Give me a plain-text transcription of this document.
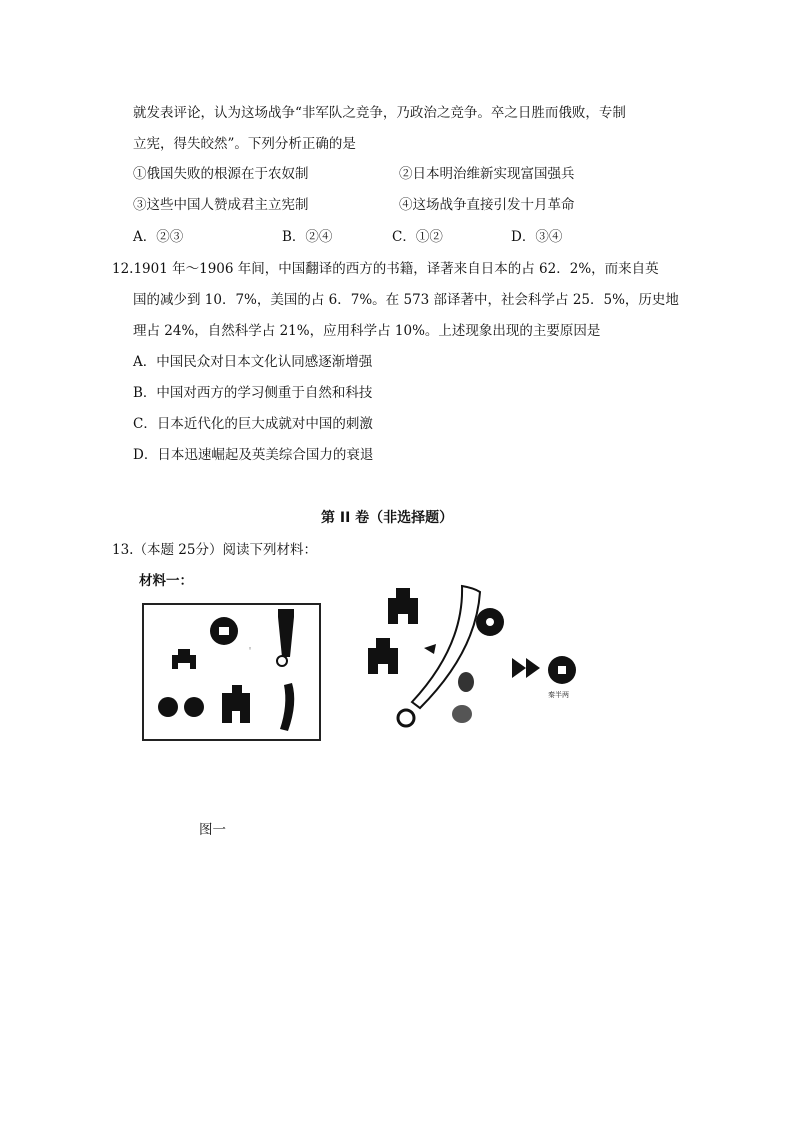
就发表评论，认为这场战争“非军队之竞争，乃政治之竞争。卒之日胜而俄败，专制
立宪，得失皎然”。下列分析正确的是
①俄国失败的根源在于农奴制	②日本明治维新实现富国强兵
③这些中国人赞成君主立宪制	④这场战争直接引发十月革命
A．②③	B．②④	C．①②	D．③④
12.1901 年～1906 年间，中国翻译的西方的书籍，译著来自日本的占 62．2%，而来自英
国的减少到 10．7%，美国的占 6．7%。在 573 部译著中，社会科学占 25．5%，历史地
理占 24%，自然科学占 21%，应用科学占 10%。上述现象出现的主要原因是
A．中国民众对日本文化认同感逐渐增强
B．中国对西方的学习侧重于自然和科技
C．日本近代化的巨大成就对中国的刺激
D．日本迅速崛起及英美综合国力的衰退
第 II 卷（非选择题）
13.（本题 25分）阅读下列材料：
材料一：
◦
秦半两
图一
